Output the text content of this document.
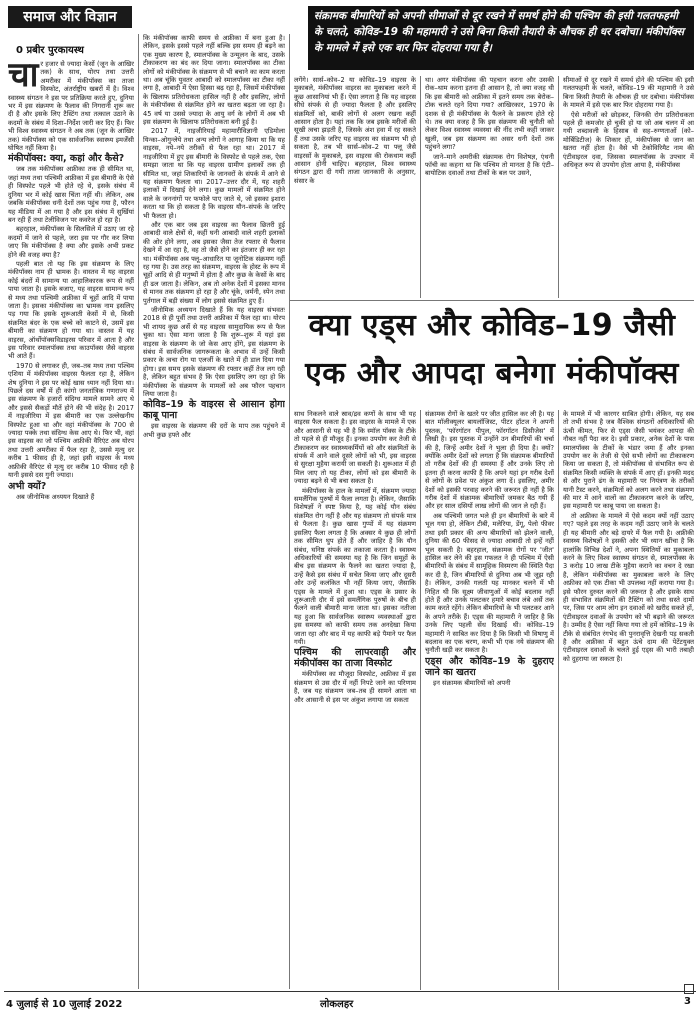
समाज और विज्ञान	संक्रामक बीमारियों को अपनी सीमाओं से दूर रखने में समर्थ होने की पश्चिम की इसी गलतफहमी के चलते, कोविड–19 की महामारी ने उसे बिना किसी तैयारी के औचक ही धर दबोचा। मंकीपॉक्स के मामले में इसे एक बार फिर दोहराया गया है।
0 प्रबीर पुरकायस्थ
क्या एड्स और कोविड–19 जैसी
एक और आपदा बनेगा मंकीपॉक्स
चा र हजार से ज्यादा केसों (जून के आखिर तक) के साथ, योरप तथा उत्तरी अमरीका में मंकीपॉक्स का ताजा विस्फोट, अंतर्राष्ट्रीय खबरों में है। विश्व स्वास्थ्य संगठन ने इस पर प्रतिक्रिया करते हुए, दुनिया भर में इस संक्रमण के फैलाव की निगरानी शुरू कर दी है और इसके लिए टैस्टिंग तथा तत्काल उठाने के कदमों के संबंध में दिशा–निर्देश जारी कर दिए हैं। फिर भी विश्व स्वास्थ्य संगठन ने अब तक (जून के आखिर तक) मंकीपॉक्स को एक सार्वजनिक स्वास्थ्य इमर्जेंसी घोषित नहीं किया है।

मंकीपॉक्स: क्या, कहां और कैसे?

जब तक मंकीपॉक्स अफ्रीका तक ही सीमित था, जहां मध्य तथा पश्चिमी अफ्रीका में इस बीमारी के ऐसे ही विस्फोट पहले भी होते रहे थे, इसके संबंध में दुनिया भर में कोई खास चिंता नहीं थी। लेकिन, अब जबकि मंकीपॉक्स धनी देशों तक पहुंच गया है, फौरन यह मीडिया में आ गया है और इस संबंध में सुर्खियां बन रही हैं तथा टेलीविजन पर कवरेज हो रहा है।

बहरहाल, मंकीपॉक्स के सिलसिले में उठाए जा रहे कदमों में जाने से पहले, जरा इस पर गौर कर लिया जाए कि मंकीपॉक्स है क्या और इसके अभी प्रकट होने की वजह क्या है?

पहली बात तो यह कि इस संक्रमण के लिए मंकीपॉक्स नाम ही भ्रामक है। वास्तव में यह वाइरस कोई बंदरों में सामान्य या आहालिकारक रूप से नहीं पाया जाता है। इसके बजाए, यह वाइरस सामान्य रूप से मध्य तथा पश्चिमी अफ्रीका में चूहों आदि में पाया जाता है। इसका मंकीपॉक्स का भ्रामक नाम इसलिए पड़ गया कि इसके शुरूआती केसों में से, किसी संक्रमित बंदर के एक बच्चे को काटने से, उसमें इस बीमारी का संक्रमण हो गया था। वास्तव में यह वाइरस, ऑर्थोपॉक्सविडाइरस परिवार में आता है और इस परिवार स्मालपॉक्स तथा काउपॉक्स जैसे वाइरस भी आते हैं।

1970 से लगाकर ही, जब–तब मध्य तथा पश्चिम एशिया में मंकीपॉक्स वाइरस फैलता रहा है, लेकिन शेष दुनिया ने इस पर कोई खास ध्यान नहीं दिया था। पिछले दस वर्षों में ही कांगो जनतांत्रिक गणराज्य में इस संक्रमण के हजारों संदिग्ध मामले सामने आए थे और इससे सैकड़ों मौतें होने की भी संदेह है। 2017 में नाइजीरिया में इस बीमारी का एक उल्लेखनीय विस्फोट हुआ था और वहां मंकीपॉक्स के 700 से ज्यादा पक्के तथा संदिग्ध केस आए थे। फिर भी, वहां इस वाइरस का जो पश्चिम अफ्रीकी वैरिएंट अब योरप तथा उत्तरी अमरीका में फैल रहा है, उससे मृत्यु दर करीब 1 फीसद ही है, जहां इसी वाइरस के मध्य अफ्रीकी वैरिएंट से मृत्यु दर करीब 10 फीसद रही है यानी इससे दस गुनी ज्यादा।

अभी क्यों?

अब जीनोमिक अध्ययन दिखाते हैं

कि मंकीपॉक्स काफी समय से अफ्रीका में बना हुआ है। लेकिन, इसके इससे पहले नहीं बल्कि इस समय ही बढ़ने का एक मुख्य कारण है, स्मालपॉक्स के उन्मूलन के बाद, उसके टीकाकरण का बंद कर दिया जाना। स्मालपॉक्स का टीका लोगों को मंकीपॉक्स के संक्रमण से भी बचाने का काम करता था। अब चूंकि युवतर आबादी को स्मालपॉक्स का टीका नहीं लगा है, आबादी में ऐसा हिस्सा बढ़ रहा है, जिसमें मंकीपॉक्स के खिलाफ प्रतिरोधकता हासिल नहीं है और इसलिए, लोगों के मंकीपॉक्स से संक्रमित होने का खतरा बढ़ता जा रहा है। 45 वर्ष या उससे ज्यादा के आयु वर्ग के लोगों में अब भी इस संक्रमण के खिलाफ प्रतिरोधकता बनी हुई है।

2017 में, नाइजीरियाई महामारीविज्ञानी एडिमोला यिन्का–ओगुन्लेये तथा अन्य लोगों ने आगाह किया था कि यह वाइरस, नये–नये तरीकों से फैल रहा था। 2017 में नाइजीरिया में हुए इस बीमारी के विस्फोट से पहले तक, ऐसा समझा जाता था कि यह वाइरस ग्रामीण इलाकों तक ही सीमित था, जहां शिकारियों के जानवरों के संपर्क में आने से यह संक्रमण फैलता था। 2017–उत्तर दौर में, यह शहरी इलाकों में दिखाई देने लगा। कुछ मामलों में संक्रमित होने वाले के जननांगों पर फफोले पाए जाते थे, जो इसका इशारा करता था कि हो सकता है कि वाइरस यौन–संपर्क के जरिए भी फैलता हो।

और एक बार जब इस वाइरस का फैलाव छितरी हुई आबादी वाले क्षेत्रों से, कहीं घनी आबादी वाले शहरी इलाकों की ओर होने लगा, अब इसका जैसा तेज रफ्तार से फैलाव देखने में आ रहा है, वह तो जैसे होने का इंतजार ही कर रहा था। मंकीपॉक्स अब फ्लू–आधारित या जूनोटिक संक्रमण नहीं रह गया है। उस तरह का संक्रमण, वाइरस के होस्ट के रूप में चूहों आदि से ही मनुष्यों में होता है और कुछ के केसों के बाद ही ढल जाता है। लेकिन, अब तो अनेक देशों में इसका मानव से मानव तक संक्रमण हो रहा है और चूंके, जर्मनी, स्पेन तथा पुर्तगाल में बड़ी संख्या में लोग इससे संक्रमित हुए हैं।

जीनोमिक अध्ययन दिखाते हैं कि यह वाइरस संभवतः 2018 से ही पूर्वी तथा उत्तरी अफ्रीका में फैल रहा था। योरप भी शायद कुछ अर्से से यह वाइरस सामुदायिक रूप से फैल चुका था। ऐसा माना जाता है कि शुरू–शुरू में यहां इस वाइरस के संक्रमण के जो केस आए होंगे, इस संक्रमण के संबंध में सार्वजनिक जागरूकता के अभाव में उन्हें किसी प्रकार के त्वचा रोग या एलर्जी के खाते में ही डाल दिया गया होगा। इस समय इसके संक्रमण की रफ्तार कहीं तेज लग रही है, लेकिन बहुत संभव है कि ऐसा इसलिए लग रहा हो कि मंकीपॉक्स के संक्रमण के मामलों को अब फौरन पहचान लिया जाता है।

कोविड–19 के वाइरस से आसान होगा काबू पाना

इस वाइरस के संक्रमण की दरों के माप तक पहुंचने में अभी कुछ हफ्ते और

लगेंगे। सार्स–कोव–2 या कोविड–19 वाइरस के मुकाबले, मंकीपॉक्स वाइरस का मुकाबला करने में कुछ आसानियां भी हैं। ऐसा लगता है कि यह वाइरस सीधे संपर्क से ही ज्यादा फैलता है और इसलिए संक्रमितों को, बाकी लोगों से अलग रखना कहीं आसान होता है। यहां तक कि जब इसके मरीजों की सूखी त्वचा झड़ती है, जिसके अंश हवा में रह सकते हैं तथा उसके जरिए यह वाइरस का संक्रमण भी हो सकता है, तब भी सार्स–कोव–2 या फ्लू जैसे वाइरसों के मुकाबले, इस वाइरस की रोकथाम कहीं आसान होनी चाहिए। बहरहाल, विश्व स्वास्थ्य संगठन द्वारा दी गयी ताजा जानकारी के अनुसार, संसार के

था। अगर मंकीपॉक्स की पहचान करना और उसकी रोक–थाम करना इतना ही आसान है, तो क्या वजह थी कि इस बीमारी को अफ्रीका में इतने समय तक बेरोक–टोक चलते रहने दिया गया? आखिरकार, 1970 के दशक से ही मंकीपॉक्स के फैलने के प्रकरण होते रहे थे। तब क्या वजह है कि इस संक्रमण की चुनौती को लेकर विश्व स्वास्थ्य व्यवस्था की नींद तभी कहीं जाकर खुली, जब इस संक्रमण का असर धनी देशों तक पहुंचने लगा?

जाने–माने अमरीकी संक्रामक रोग विशेषज्ञ, एंथनी फाॅची का कहना था कि पश्चिम तो मानता है कि एंटी–बायोटिक दवाओं तथा टीकों के बल पर उसने,

सीमाओं से दूर रखने में समर्थ होने की पश्चिम की इसी गलतफहमी के चलते, कोविड–19 की महामारी ने उसे बिना किसी तैयारी के औचक ही धर दबोचा। मंकीपॉक्स के मामले में इसे एक बार फिर दोहराया गया है।

ऐसे मरीजों को छोड़कर, जिनकी रोग प्रतिरोधकता पहले ही कमजोर हो चुकी हो या जो अब चलन में आ गयी शब्दावली के हिसाब से सह–रुग्णताओं (को–मोर्बिडिटीज) के शिकार हों, मंकीपॉक्स से जान का खतरा नहीं होता है। वैसे भी टेकोविरिमैट नाम की एंटीवाइरल दवा, जिसका स्मालपॉक्स के उपचार में अधिकृत रूप से उपयोग होता आया है, मंकीपॉक्स

साथ निकलने वाले स्राव/द्रव कणों के साथ भी यह वाइरस फैल सकता है। इस वाइरस के मामले में एक और आसानी से यह भी है कि स्मॉल पॉक्स के टीके तो पहले से ही मौजूद हैं। इनका उपयोग कर तेजी से टीकाकरण कर स्वास्थ्यकर्मियों को और संक्रमितों के संपर्क में आने वाले दूसरे लोगों को भी, इस वाइरस से सुरक्षा मुहैया करायी जा सकती है। शुरूआत में ही मिल जाए तो यह टीका, लोगों को इस बीमारी के ज्यादा बढ़ने से भी बचा सकता है।

मंकीपॉक्स के हाल के मामलों में, संक्रमण ज्यादा समलैंगिक पुरुषों में फैला लगता है। लेकिन, जैसाकि विशेषज्ञों ने स्पष्ट किया है, यह कोई यौन संबंध संक्रमित रोग नहीं है और यह संक्रमण तो संपर्क मात्र से फैलता है। कुछ खास गुप्पों में यह संक्रमण इसलिए फैला लगता है कि अक्सर ये कुछ ही लोगों तक सीमित घुप होते हैं और जाहिर है कि यौन संबंध, घनिष्ठ संपर्क का तकाजा करता है। स्वास्थ्य अधिकारियों की समस्या यह है कि जिन समूहों के बीच इस संक्रमण के फैलने का खतरा ज्यादा है, उन्हें कैसे इस संबंध में सचेत किया जाए और दूसरी ओर उन्हें कलंकित भी नहीं किया जाए, जैसाकि एड्स के मामले में हुआ था। एड्स के प्रसार के शुरूआती दौर में इसे समलैंगिक पुरुषों के बीच ही फैलने वाली बीमारी माना जाता था। इसका नतीजा यह हुआ कि सार्वजनिक स्वास्थ्य व्यवस्थाओं द्वारा इस समस्या को काफी समय तक अनदेखा किया जाता रहा और बाद में यह काफी बड़े पैमाने पर फैल गयी।

पश्चिम की लापरवाही और मंकीपॉक्स का ताजा विस्फोट

मंकीपॉक्स का मौजूदा विस्फोट, अफ्रीका में इस संक्रमण से उस दौर में नहीं निपटे जाने का परिणाम है, जब यह संक्रमण जब–तब ही सामने आता था और आसानी से इस पर अंकुश लगाया जा सकता

संक्रामक रोगों के खतरे पर जीत हासिल कर ली है। यह बात मॉलीक्यूलर बायलॉजिस्ट, पीटर हॉटज ने अपनी पुस्तक, 'फॉरगॉटन पीपुल, फॉरगॉटन डिसीजेस' में लिखी है। इस पुस्तक में उन्होंने उन बीमारियों की चर्चा की है, जिन्हें अमीर देशों ने भुला ही दिया है। क्यों? क्योंकि अमीर देशों को लगता है कि संक्रामक बीमारियों तो गरीब देशों की ही समस्या हैं और उनके लिए तो इतना ही करना काफी है कि अपने यहां इन गरीब देशों से लोगों के प्रवेश पर अंकुश लगा दें। इसलिए, अमीर देशों को इसकी परवाह करने की जरूरत ही नहीं है कि गरीब देशों में संक्रामक बीमारियों जमकर बैठ गयी हैं और हर साल दसियों लाख लोगों की जान ले रही हैं।

अब पश्चिमी जगत भले ही इन बीमारियों के बारे में भूल गया हो, लेकिन टीबी, मलेरिया, डेंगू, पेलो फीवर तथा इसी प्रकार की अन्य बीमारियों को झेलने वाली, दुनिया की 60 फीसद से ज्यादा आबादी तो इन्हें नहीं भूल सकती है। बहरहाल, संक्रामक रोगों पर 'जीत' हासिल कर लेने की इस गफलत ने ही पश्चिम में ऐसी बीमारियों के संबंध में सामूहिक विस्मरण की स्थिति पैदा कर दी है, जिन बीमारियों से दुनिया अब भी जूझ रही है। लेकिन, उनकी गलती यह मानकर चलने में भी निहित थी कि सूक्ष्म जीवाणुओं में कोई बदलाव नहीं होते हैं और उनके पलटकर हमारे बचाव लंबे अर्से तक काम करते रहेंगे। लेकिन बीमारियों के भी पलटकर आने के अपने तरीके हैं। एड्स की महामारी ने जाहिर है कि उनके लिए पहली सेंध दिखाई थी। कोविड–19 महामारी ने साबित कर दिया है कि किसी भी विषाणु में बदलाव का एक चरण, कभी भी एक नये संक्रमण की चुनौती खड़ी कर सकता है।

एड्स और कोविड–19 के दुहराए जाने का खतरा

इन संक्रामक बीमारियों को अपनी

के मामले में भी कारगर साबित होगी। लेकिन, यह सब तो तभी संभव है जब वैश्विक संगठनों अधिकारियों की ऊंची कीमत, फिर से एड्स जैसी भयंकर आपदा की नौबत नहीं पैदा कर दे। इसी प्रकार, अनेक देशों के पास स्मालपॉक्स के टीकों के भंडार जमा हैं और इनका उपयोग कर के तेजी से ऐसे सभी लोगों का टीकाकरण किया जा सकता है, तो मंकीपॉक्स से संभावित रूप से संक्रमित किसी व्यक्ति के संपर्क में आए हों। इनकी मदद से और पुराने ढंग के महामारी पर नियंत्रण के तरीकों यानी टैस्ट करने, संक्रमितों को अलग करने तथा संक्रमण की मार में आने वालों का टीकाकरण करने के जरिए, इस महामारी पर काबू पाया जा सकता है।

तो अफ्रीका के मामले में ऐसे कदम क्यों नहीं उठाए गए? पहले इस तरह के कदम नहीं उठाए जाने के चलते ही यह बीमारी और बड़े दायरे में फैल गयी है। अफ्रीकी स्वास्थ्य विशेषज्ञों ने इसकी ओर भी ध्यान खींचा है कि हालांकि विभिन्न देशों ने, अपना स्थितियों का मुकाबला करने के लिए विश्व स्वास्थ्य संगठन से, स्मालपॉक्स के 3 करोड़ 10 लाख टीके मुहैया कराने का वचन दे रखा है, लेकिन मंकीपॉक्स का मुकाबला करने के लिए अफ्रीका को एक टीका भी उपलब्ध नहीं कराया गया है। इसे फौरन दुरुस्त करने की जरूरत है और इसके साथ ही संभावित संक्रमितों की टैस्टिंग को तथा सस्ते दामों पर, जिस पर आम लोग इन दवाओं को खरीद सकते हों, एंटीवाइरल दवाओं के उपयोग को भी बढ़ाने की जरूरत है। उम्मीद है ऐसा नहीं किया गया तो हमें कोविड–19 के टीके से संबंधित रंगभेद की पुनरावृत्ति देखनी पड़ सकती है और अफ्रीका में बहुत ऊंचे दाम की पेटेंटयुक्त एंटीवाइरल दवाओं के चलते हुई एड्स की भारी तबाही को दुहराया जा सकता है।

4 जुलाई से 10 जुलाई 2022	लोकलहर	3
